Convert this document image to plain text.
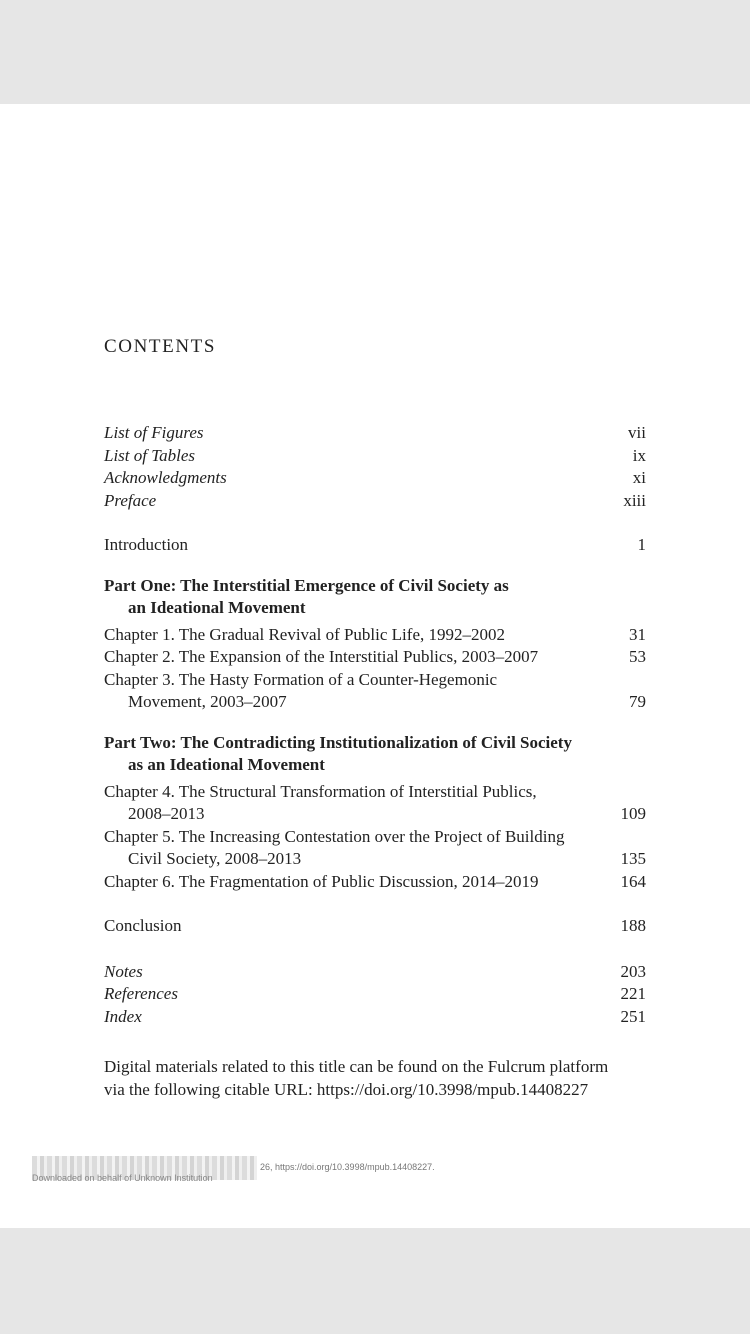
CONTENTS
List of Figures	vii
List of Tables	ix
Acknowledgments	xi
Preface	xiii
Introduction	1
Part One: The Interstitial Emergence of Civil Society as
an Ideational Movement
Chapter 1. The Gradual Revival of Public Life, 1992–2002	31
Chapter 2. The Expansion of the Interstitial Publics, 2003–2007	53
Chapter 3. The Hasty Formation of a Counter-Hegemonic
Movement, 2003–2007	79
Part Two: The Contradicting Institutionalization of Civil Society
as an Ideational Movement
Chapter 4. The Structural Transformation of Interstitial Publics,
2008–2013	109
Chapter 5. The Increasing Contestation over the Project of Building
Civil Society, 2008–2013	135
Chapter 6. The Fragmentation of Public Discussion, 2014–2019	164
Conclusion	188
Notes	203
References	221
Index	251
Digital materials related to this title can be found on the Fulcrum platform
via the following citable URL: https://doi.org/10.3998/mpub.14408227
26, https://doi.org/10.3998/mpub.14408227.
Downloaded on behalf of Unknown Institution
